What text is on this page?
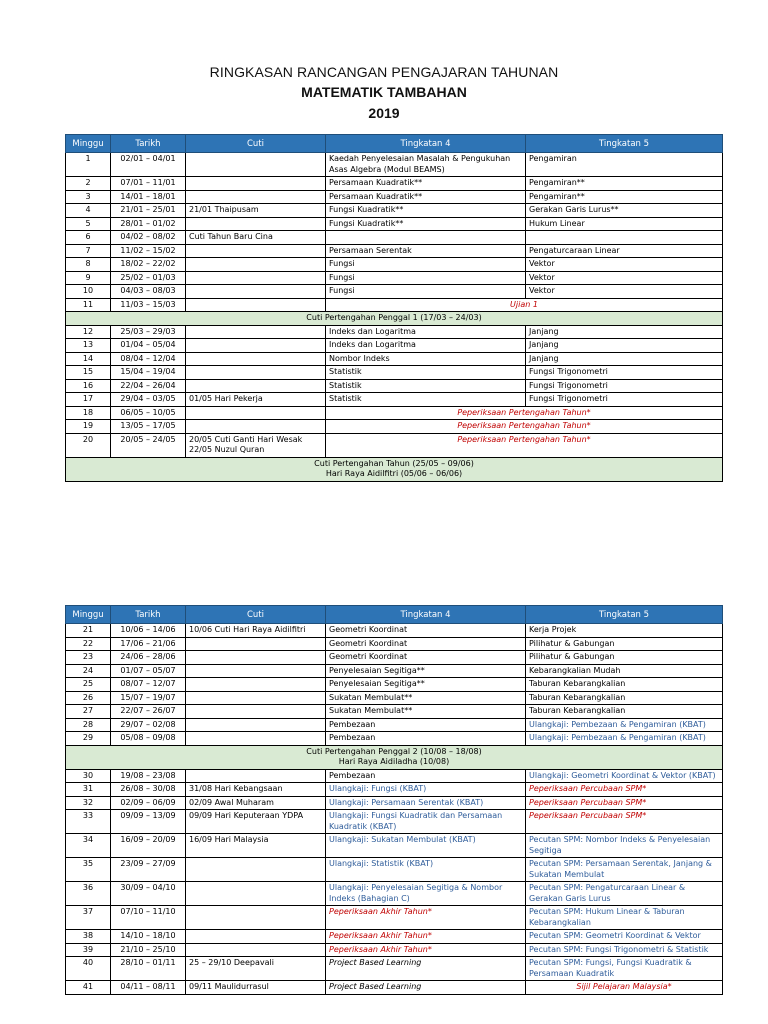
RINGKASAN RANCANGAN PENGAJARAN TAHUNAN
MATEMATIK TAMBAHAN
2019
Minggu	Tarikh	Cuti	Tingkatan 4	Tingkatan 5
1	02/01 – 04/01		Kaedah Penyelesaian Masalah & Pengukuhan Asas Algebra (Modul BEAMS)	Pengamiran
2	07/01 – 11/01		Persamaan Kuadratik**	Pengamiran**
3	14/01 – 18/01		Persamaan Kuadratik**	Pengamiran**
4	21/01 – 25/01	21/01 Thaipusam	Fungsi Kuadratik**	Gerakan Garis Lurus**
5	28/01 – 01/02		Fungsi Kuadratik**	Hukum Linear
6	04/02 – 08/02	Cuti Tahun Baru Cina		
7	11/02 – 15/02		Persamaan Serentak	Pengaturcaraan Linear
8	18/02 – 22/02		Fungsi	Vektor
9	25/02 – 01/03		Fungsi	Vektor
10	04/03 – 08/03		Fungsi	Vektor
11	11/03 – 15/03		Ujian 1	

Cuti Pertengahan Penggal 1 (17/03 – 24/03)				

12	25/03 – 29/03		Indeks dan Logaritma	Janjang
13	01/04 – 05/04		Indeks dan Logaritma	Janjang
14	08/04 – 12/04		Nombor Indeks	Janjang
15	15/04 – 19/04		Statistik	Fungsi Trigonometri
16	22/04 – 26/04		Statistik	Fungsi Trigonometri
17	29/04 – 03/05	01/05 Hari Pekerja	Statistik	Fungsi Trigonometri
18	06/05 – 10/05		Peperiksaan Pertengahan Tahun*	
19	13/05 – 17/05		Peperiksaan Pertengahan Tahun*	
20	20/05 – 24/05	20/05 Cuti Ganti Hari Wesak 22/05 Nuzul Quran	Peperiksaan Pertengahan Tahun*	

Cuti Pertengahan Tahun (25/05 – 09/06)
Hari Raya Aidilfitri (05/06 – 06/06)				
Minggu	Tarikh	Cuti	Tingkatan 4	Tingkatan 5
21	10/06 – 14/06	10/06 Cuti Hari Raya Aidilfitri	Geometri Koordinat	Kerja Projek
22	17/06 – 21/06		Geometri Koordinat	Pilihatur & Gabungan
23	24/06 – 28/06		Geometri Koordinat	Pilihatur & Gabungan
24	01/07 – 05/07		Penyelesaian Segitiga**	Kebarangkalian Mudah
25	08/07 – 12/07		Penyelesaian Segitiga**	Taburan Kebarangkalian
26	15/07 – 19/07		Sukatan Membulat**	Taburan Kebarangkalian
27	22/07 – 26/07		Sukatan Membulat**	Taburan Kebarangkalian
28	29/07 – 02/08		Pembezaan	Ulangkaji: Pembezaan & Pengamiran (KBAT)
29	05/08 – 09/08		Pembezaan	Ulangkaji: Pembezaan & Pengamiran (KBAT)

Cuti Pertengahan Penggal 2 (10/08 – 18/08)
Hari Raya Aidiladha (10/08)				

30	19/08 – 23/08		Pembezaan	Ulangkaji: Geometri Koordinat & Vektor (KBAT)
31	26/08 – 30/08	31/08 Hari Kebangsaan	Ulangkaji: Fungsi (KBAT)	Peperiksaan Percubaan SPM*
32	02/09 – 06/09	02/09 Awal Muharam	Ulangkaji: Persamaan Serentak (KBAT)	Peperiksaan Percubaan SPM*
33	09/09 – 13/09	09/09 Hari Keputeraan YDPA	Ulangkaji: Fungsi Kuadratik dan Persamaan Kuadratik (KBAT)	Peperiksaan Percubaan SPM*
34	16/09 – 20/09	16/09 Hari Malaysia	Ulangkaji: Sukatan Membulat (KBAT)	Pecutan SPM: Nombor Indeks & Penyelesaian Segitiga
35	23/09 – 27/09		Ulangkaji: Statistik (KBAT)	Pecutan SPM: Persamaan Serentak, Janjang & Sukatan Membulat
36	30/09 – 04/10		Ulangkaji: Penyelesaian Segitiga & Nombor Indeks (Bahagian C)	Pecutan SPM: Pengaturcaraan Linear & Gerakan Garis Lurus
37	07/10 – 11/10		Peperiksaan Akhir Tahun*	Pecutan SPM: Hukum Linear & Taburan Kebarangkalian
38	14/10 – 18/10		Peperiksaan Akhir Tahun*	Pecutan SPM: Geometri Koordinat & Vektor
39	21/10 – 25/10		Peperiksaan Akhir Tahun*	Pecutan SPM: Fungsi Trigonometri & Statistik
40	28/10 – 01/11	25 – 29/10 Deepavali	Project Based Learning	Pecutan SPM: Fungsi, Fungsi Kuadratik & Persamaan Kuadratik
41	04/11 – 08/11	09/11 Maulidurrasul	Project Based Learning	Sijil Pelajaran Malaysia*
